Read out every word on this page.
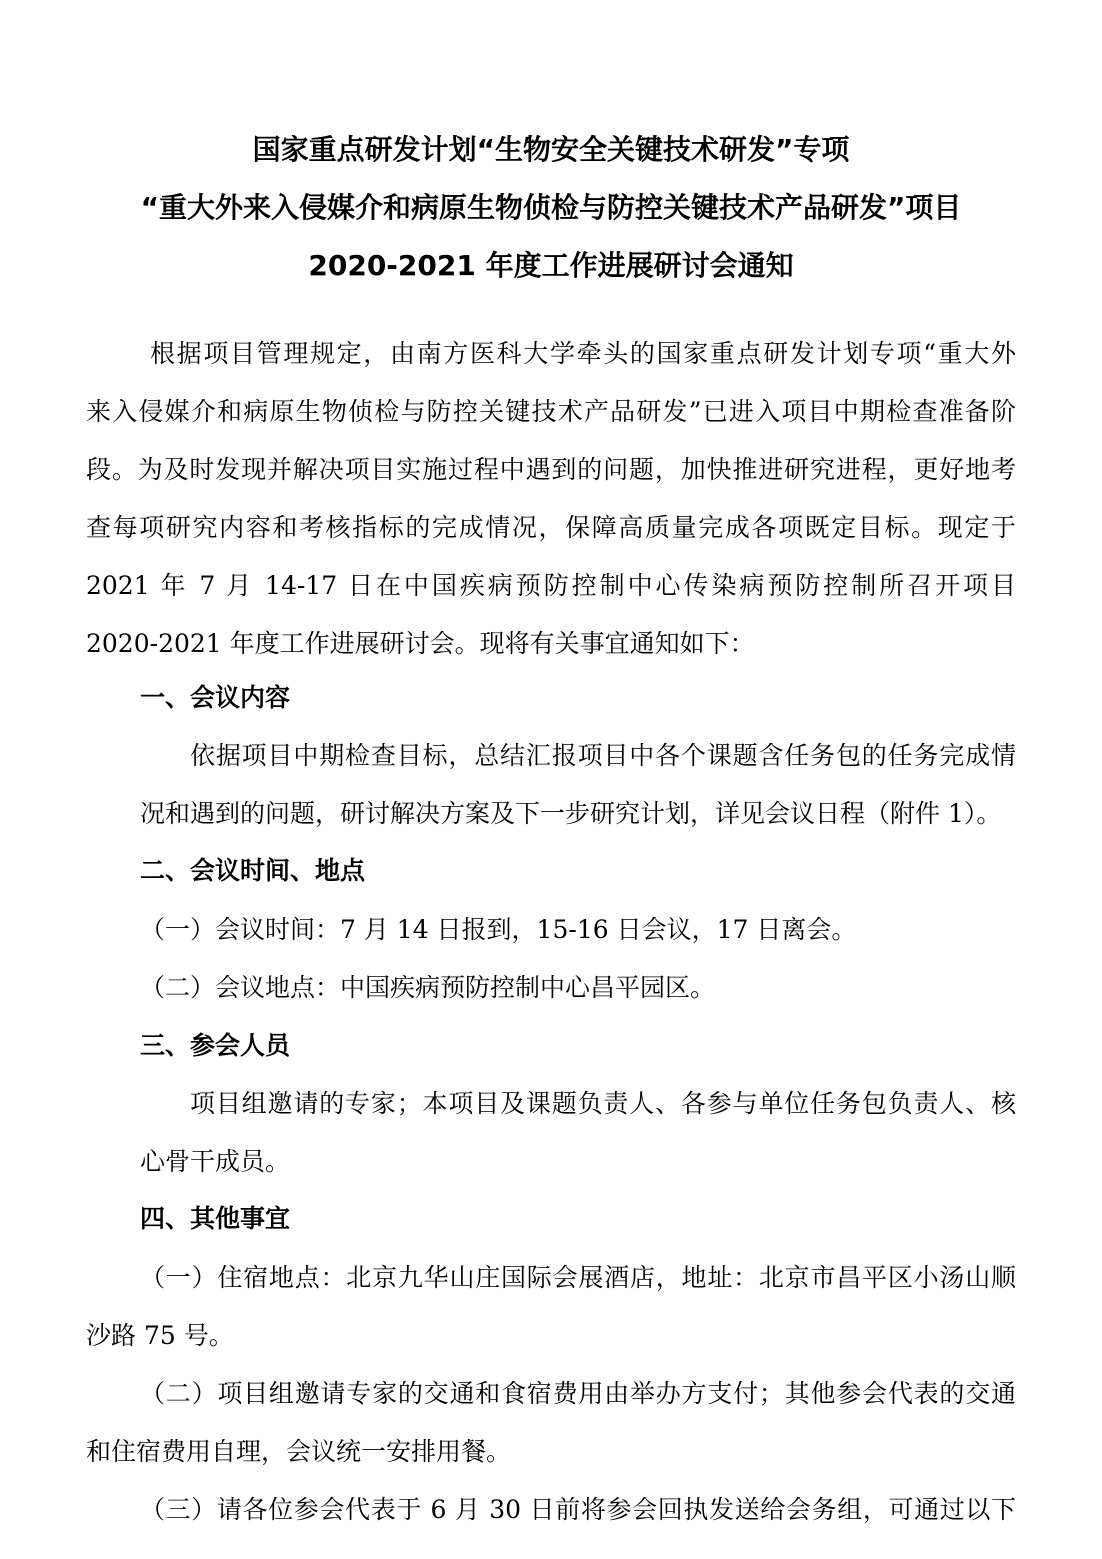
国家重点研发计划“生物安全关键技术研发”专项
“重大外来入侵媒介和病原生物侦检与防控关键技术产品研发”项目
2020-2021 年度工作进展研讨会通知
根据项目管理规定，由南方医科大学牵头的国家重点研发计划专项“重大外
来入侵媒介和病原生物侦检与防控关键技术产品研发”已进入项目中期检查准备阶
段。为及时发现并解决项目实施过程中遇到的问题，加快推进研究进程，更好地考
查每项研究内容和考核指标的完成情况，保障高质量完成各项既定目标。现定于
2021 年 7 月 14-17 日在中国疾病预防控制中心传染病预防控制所召开项目
2020-2021 年度工作进展研讨会。现将有关事宜通知如下：
一、会议内容
依据项目中期检查目标，总结汇报项目中各个课题含任务包的任务完成情
况和遇到的问题，研讨解决方案及下一步研究计划，详见会议日程（附件 1）。
二、会议时间、地点
（一）会议时间：7 月 14 日报到，15-16 日会议，17 日离会。
（二）会议地点：中国疾病预防控制中心昌平园区。
三、参会人员
项目组邀请的专家；本项目及课题负责人、各参与单位任务包负责人、核
心骨干成员。
四、其他事宜
（一）住宿地点：北京九华山庄国际会展酒店，地址：北京市昌平区小汤山顺
沙路 75 号。
（二）项目组邀请专家的交通和食宿费用由举办方支付；其他参会代表的交通
和住宿费用自理，会议统一安排用餐。
（三）请各位参会代表于 6 月 30 日前将参会回执发送给会务组，可通过以下
